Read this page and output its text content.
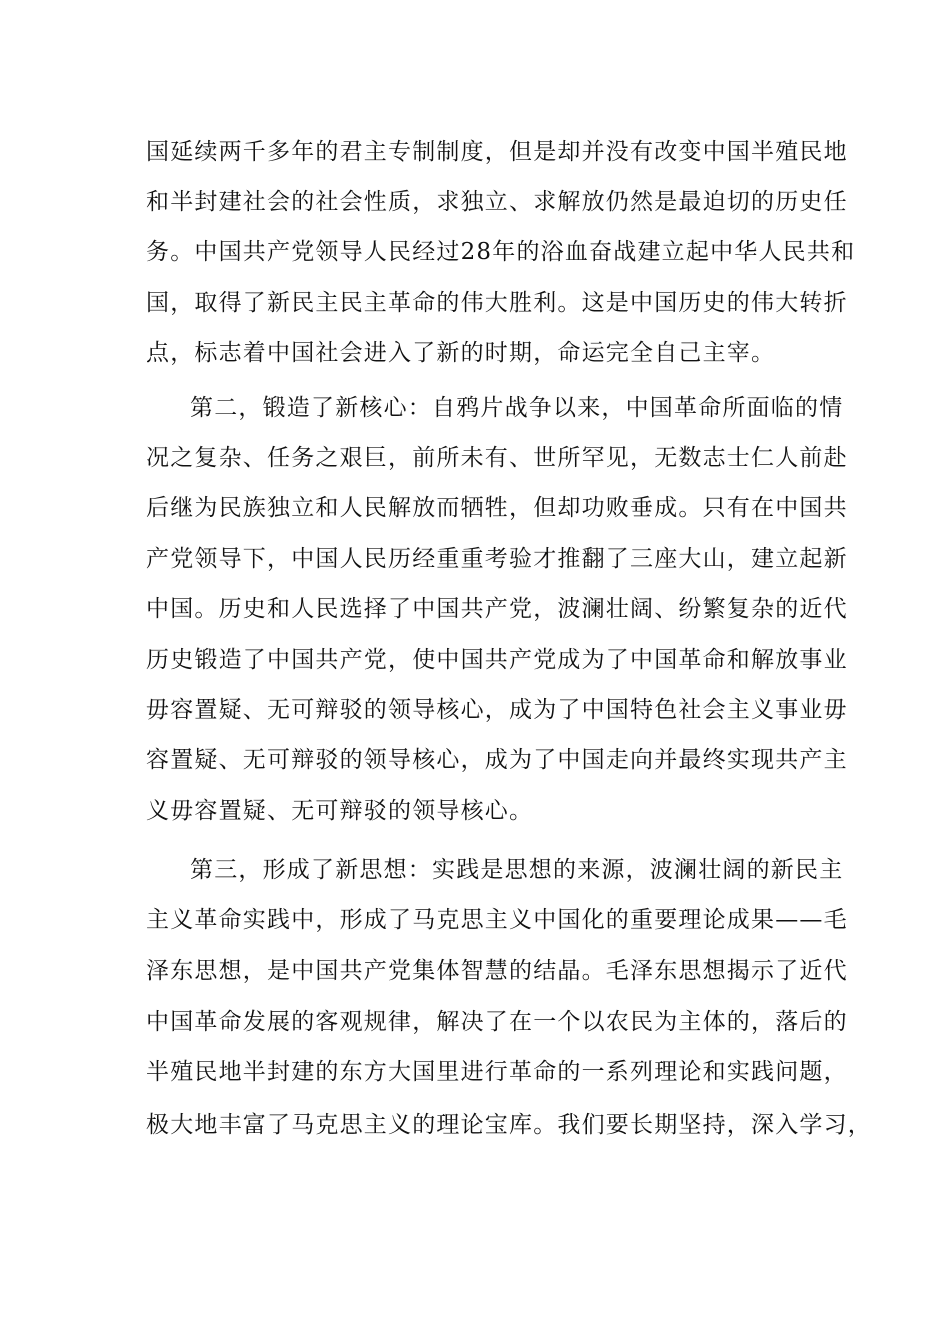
国延续两千多年的君主专制制度，但是却并没有改变中国半殖民地
和半封建社会的社会性质，求独立、求解放仍然是最迫切的历史任
务。中国共产党领导人民经过28年的浴血奋战建立起中华人民共和
国，取得了新民主民主革命的伟大胜利。这是中国历史的伟大转折
点，标志着中国社会进入了新的时期，命运完全自己主宰。
第二，锻造了新核心：自鸦片战争以来，中国革命所面临的情
况之复杂、任务之艰巨，前所未有、世所罕见，无数志士仁人前赴
后继为民族独立和人民解放而牺牲，但却功败垂成。只有在中国共
产党领导下，中国人民历经重重考验才推翻了三座大山，建立起新
中国。历史和人民选择了中国共产党，波澜壮阔、纷繁复杂的近代
历史锻造了中国共产党，使中国共产党成为了中国革命和解放事业
毋容置疑、无可辩驳的领导核心，成为了中国特色社会主义事业毋
容置疑、无可辩驳的领导核心，成为了中国走向并最终实现共产主
义毋容置疑、无可辩驳的领导核心。
第三，形成了新思想：实践是思想的来源，波澜壮阔的新民主
主义革命实践中，形成了马克思主义中国化的重要理论成果——毛
泽东思想，是中国共产党集体智慧的结晶。毛泽东思想揭示了近代
中国革命发展的客观规律，解决了在一个以农民为主体的，落后的
半殖民地半封建的东方大国里进行革命的一系列理论和实践问题，
极大地丰富了马克思主义的理论宝库。我们要长期坚持，深入学习，
